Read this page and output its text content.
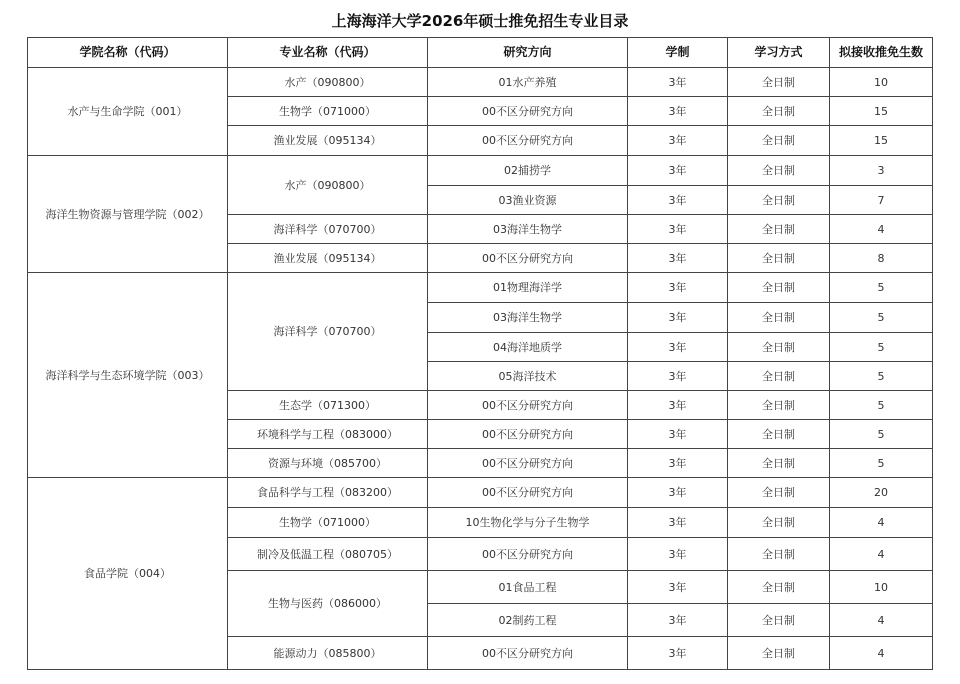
上海海洋大学2026年硕士推免招生专业目录
学院名称（代码）	专业名称（代码）	研究方向	学制	学习方式	拟接收推免生数
水产与生命学院（001）	水产（090800）	01水产养殖	3年	全日制	10
	生物学（071000）	00不区分研究方向	3年	全日制	15
	渔业发展（095134）	00不区分研究方向	3年	全日制	15
海洋生物资源与管理学院（002）	水产（090800）	02捕捞学	3年	全日制	3
		03渔业资源	3年	全日制	7
	海洋科学（070700）	03海洋生物学	3年	全日制	4
	渔业发展（095134）	00不区分研究方向	3年	全日制	8
海洋科学与生态环境学院（003）	海洋科学（070700）	01物理海洋学	3年	全日制	5
		03海洋生物学	3年	全日制	5
		04海洋地质学	3年	全日制	5
		05海洋技术	3年	全日制	5
	生态学（071300）	00不区分研究方向	3年	全日制	5
	环境科学与工程（083000）	00不区分研究方向	3年	全日制	5
	资源与环境（085700）	00不区分研究方向	3年	全日制	5
食品学院（004）	食品科学与工程（083200）	00不区分研究方向	3年	全日制	20
	生物学（071000）	10生物化学与分子生物学	3年	全日制	4
	制冷及低温工程（080705）	00不区分研究方向	3年	全日制	4
	生物与医药（086000）	01食品工程	3年	全日制	10
		02制药工程	3年	全日制	4
	能源动力（085800）	00不区分研究方向	3年	全日制	4
